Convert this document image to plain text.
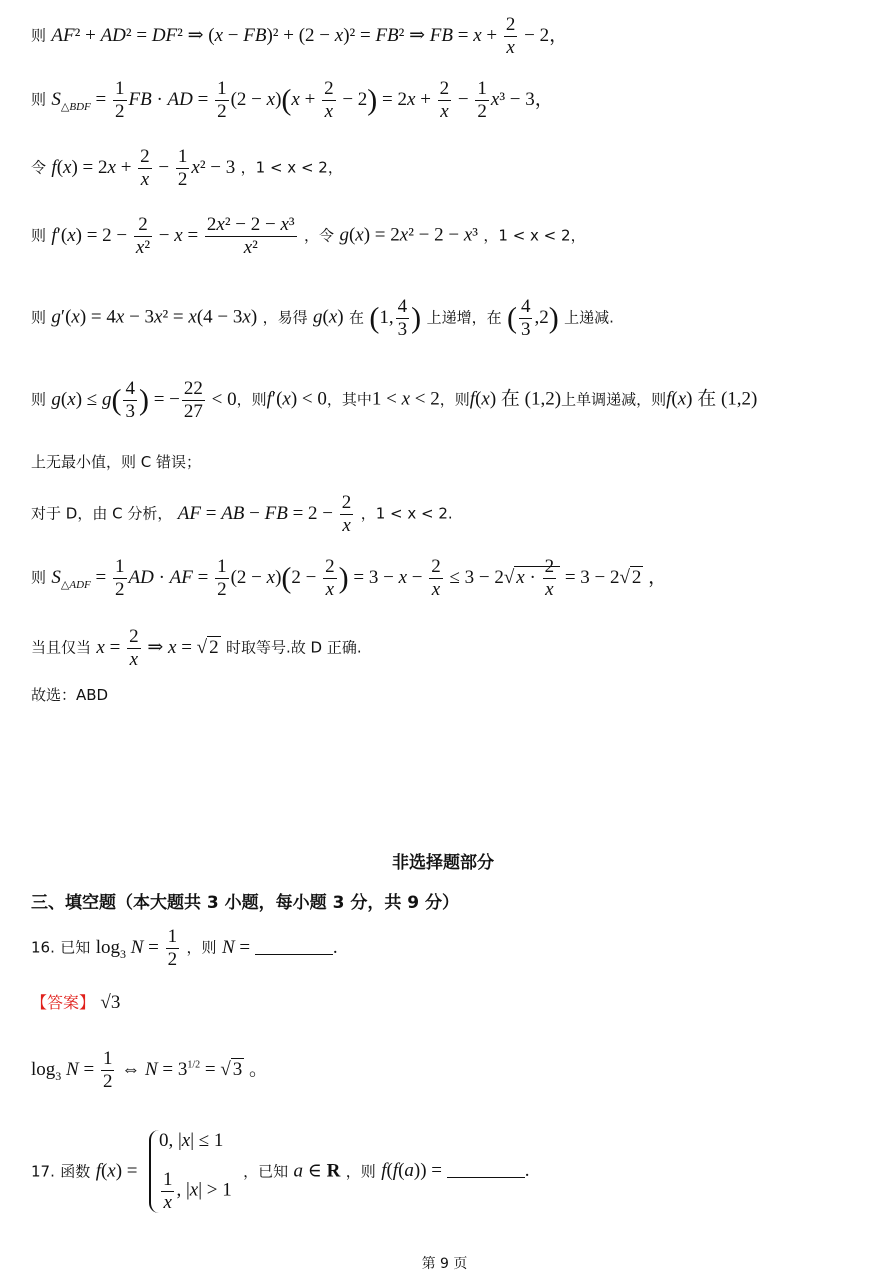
则 AF² + AD² = DF² ⇒ (x − FB)² + (2 − x)² = FB² ⇒ FB = $x + \frac{2}{x} - 2$，
则 $S_{\triangle BDF} = \frac{1}{2}$ FB · AD = $\frac{1}{2} (2 - x)(x + \frac{2}{x} - 2) = 2x + \frac{2}{x} - \frac{1}{2} x^3 - 3$，
令 $f(x) = 2x + \frac{2}{x} - \frac{1}{2} x^2 - 3$ ，1 < x < 2，
则 $f'(x) = 2 - \frac{2}{\text{x²}} - x = \frac{\text{2x² − 2 − x³}}{\text{x²}}$ ，令 g(x) = 2x² − 2 − x³ ，1 < x < 2，
则 g′(x) = 4x − 3x² = x(4 − 3x) ，易得 g(x) 在 (1, $\frac{4}{3}$ ) 上递增，在 ( $\frac{4}{3} ,2$) 上递减.
则 $g(x) \le g( \frac{4}{3}$ ) = − $\frac{22}{27} < 0$，则f′(x) < 0，其中1 < x < 2，则f(x) 在 (1,2)上单调递减，则f(x) 在 (1,2)
上无最小值，则 C 错误；
对于 D，由 C 分析， AF = AB − FB = $2 - \frac{2}{x}$ ，1 < x < 2.
则 $S_{\triangle ADF} = \frac{1}{2}$ AD · AF = $\frac{1}{2} (2 - x)(2 - \frac{2}{x}$ ) = $3 - x - \frac{2}{x} \le 3 - 2√$ $x \cdot \frac{2}{x} = 3 - 2√$ 2 ，
当且仅当 $x = \frac{2}{x}$ ⇒ x = √ 2 时取等号.故 D 正确.
故选：ABD
非选择题部分
三、填空题（本大题共 3 小题，每小题 3 分，共 9 分）
16. 已知 $\log_3 N = \frac{1}{2}$ ，则 N =	.
【答案】 √3
$\log_3 N = \frac{1}{2}$ ⇔ $N = 3^{1/2}$ = √ 3 。
17. 函数 f(x) =
0, |x| ≤ 1
$\frac{1}{x}$ , |x| > 1
，已知 a ∈ R ，则 f(f(a)) =	.
第 9 页
